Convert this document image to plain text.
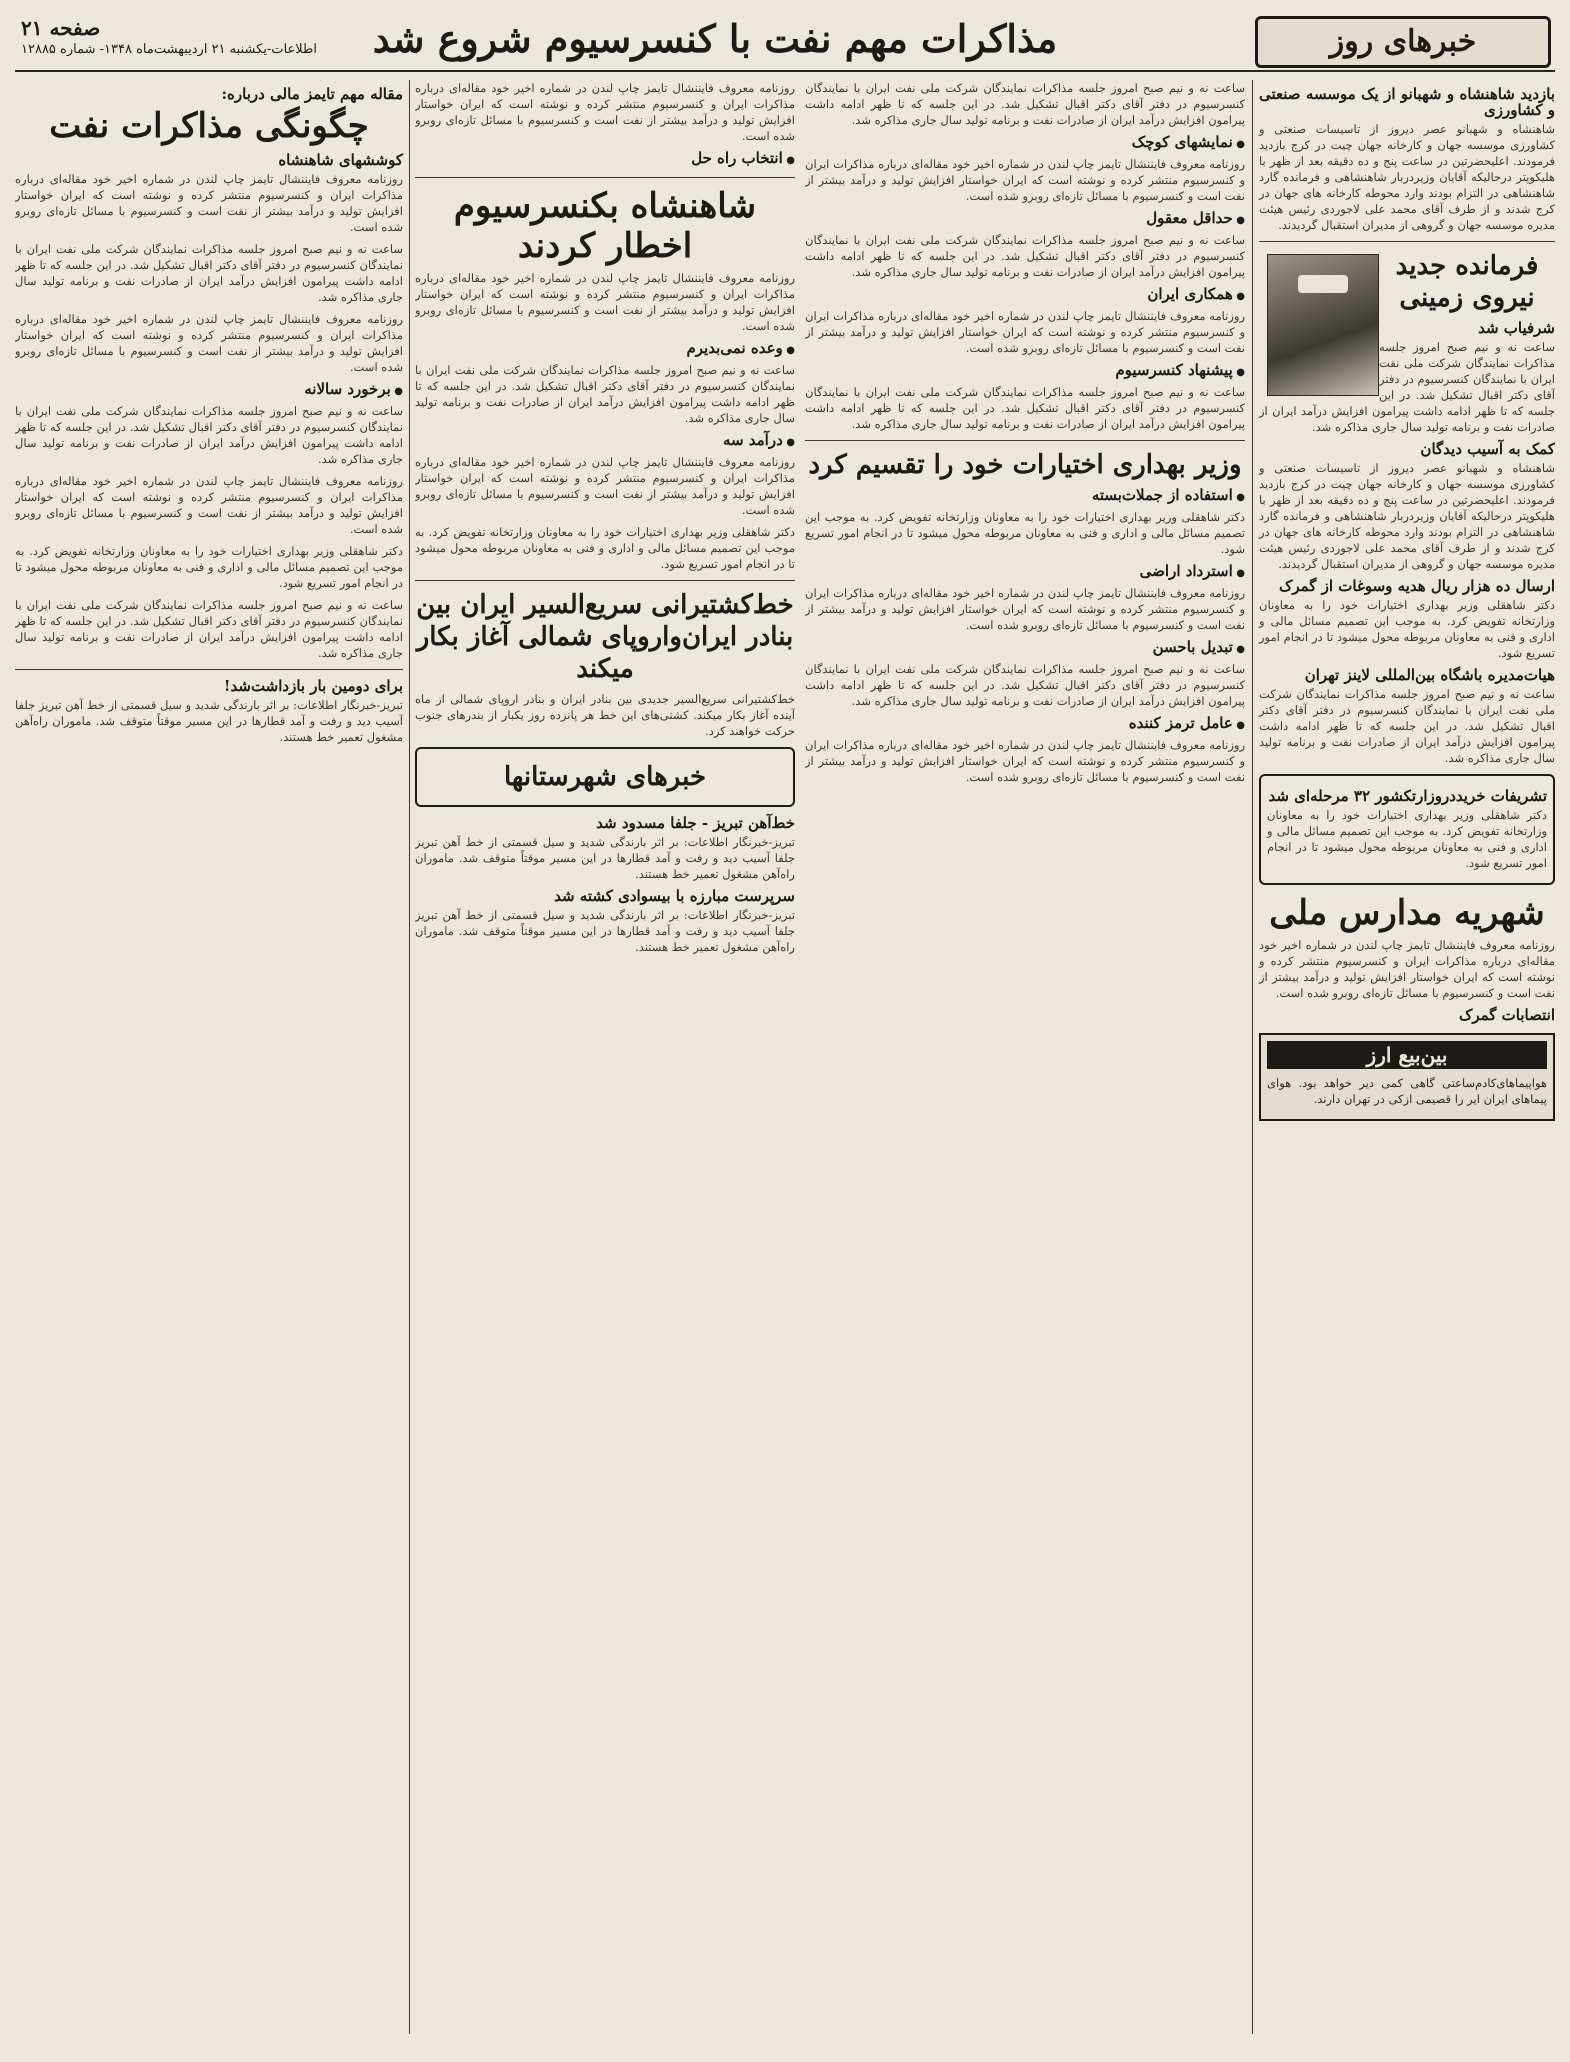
صفحه ۲۱
اطلاعات-یکشنبه ۲۱ اردیبهشت‌ماه ۱۳۴۸- شماره ۱۲۸۸۵	مذاکرات مهم نفت با کنسرسیوم شروع شد	خبرهای روز
بازدید شاهنشاه و شهبانو از یک موسسه صنعتی و کشاورزی

شاهنشاه و شهبانو عصر دیروز از تاسیسات صنعتی و کشاورزی موسسه جهان و کارخانه جهان چیت در کرج بازدید فرمودند. اعلیحضرتین در ساعت پنج و ده دقیقه بعد از ظهر با هلیکوپتر درحالیکه آقایان وزیردربار شاهنشاهی و فرمانده گارد شاهنشاهی در التزام بودند وارد محوطه کارخانه های جهان در کرج شدند و از طرف آقای محمد علی لاجوردی رئیس هیئت مدیره موسسه جهان و گروهی از مدیران استقبال گردیدند.

فرمانده جدید نیروی زمینی
شرفیاب شد

ساعت نه و نیم صبح امروز جلسه مذاکرات نمایندگان شرکت ملی نفت ایران با نمایندگان کنسرسیوم در دفتر آقای دکتر اقبال تشکیل شد. در این جلسه که تا ظهر ادامه داشت پیرامون افزایش درآمد ایران از صادرات نفت و برنامه تولید سال جاری مذاکره شد.

کمک به آسیب دیدگان

شاهنشاه و شهبانو عصر دیروز از تاسیسات صنعتی و کشاورزی موسسه جهان و کارخانه جهان چیت در کرج بازدید فرمودند. اعلیحضرتین در ساعت پنج و ده دقیقه بعد از ظهر با هلیکوپتر درحالیکه آقایان وزیردربار شاهنشاهی و فرمانده گارد شاهنشاهی در التزام بودند وارد محوطه کارخانه های جهان در کرج شدند و از طرف آقای محمد علی لاجوردی رئیس هیئت مدیره موسسه جهان و گروهی از مدیران استقبال گردیدند.

ارسال ده هزار ریال هدیه وسوغات از گمرک

دکتر شاهقلی وزیر بهداری اختیارات خود را به معاونان وزارتخانه تفویض کرد. به موجب این تصمیم مسائل مالی و اداری و فنی به معاونان مربوطه محول میشود تا در انجام امور تسریع شود.

هیات‌مدیره باشگاه بین‌المللی لاینز تهران

ساعت نه و نیم صبح امروز جلسه مذاکرات نمایندگان شرکت ملی نفت ایران با نمایندگان کنسرسیوم در دفتر آقای دکتر اقبال تشکیل شد. در این جلسه که تا ظهر ادامه داشت پیرامون افزایش درآمد ایران از صادرات نفت و برنامه تولید سال جاری مذاکره شد.

تشریفات خریددروزارتکشور ۳۲ مرحله‌ای شد

دکتر شاهقلی وزیر بهداری اختیارات خود را به معاونان وزارتخانه تفویض کرد. به موجب این تصمیم مسائل مالی و اداری و فنی به معاونان مربوطه محول میشود تا در انجام امور تسریع شود.

شهریه مدارس ملی

روزنامه معروف فایننشال تایمز چاپ لندن در شماره اخیر خود مقاله‌ای درباره مذاکرات ایران و کنسرسیوم منتشر کرده و نوشته است که ایران خواستار افزایش تولید و درآمد بیشتر از نفت است و کنسرسیوم با مسائل تازه‌ای روبرو شده است.

انتصابات گمرک
بین‌بیع ارز

هواپیماهای‌کادم‌ساعتی گاهی کمی دیر خواهد بود. هوای پیماهای ایران ایر را قصیمی ازکی در تهران دارند.

ساعت نه و نیم صبح امروز جلسه مذاکرات نمایندگان شرکت ملی نفت ایران با نمایندگان کنسرسیوم در دفتر آقای دکتر اقبال تشکیل شد. در این جلسه که تا ظهر ادامه داشت پیرامون افزایش درآمد ایران از صادرات نفت و برنامه تولید سال جاری مذاکره شد.

● نمایشهای کوچک

روزنامه معروف فایننشال تایمز چاپ لندن در شماره اخیر خود مقاله‌ای درباره مذاکرات ایران و کنسرسیوم منتشر کرده و نوشته است که ایران خواستار افزایش تولید و درآمد بیشتر از نفت است و کنسرسیوم با مسائل تازه‌ای روبرو شده است.

● حداقل معقول

ساعت نه و نیم صبح امروز جلسه مذاکرات نمایندگان شرکت ملی نفت ایران با نمایندگان کنسرسیوم در دفتر آقای دکتر اقبال تشکیل شد. در این جلسه که تا ظهر ادامه داشت پیرامون افزایش درآمد ایران از صادرات نفت و برنامه تولید سال جاری مذاکره شد.

● همکاری ایران

روزنامه معروف فایننشال تایمز چاپ لندن در شماره اخیر خود مقاله‌ای درباره مذاکرات ایران و کنسرسیوم منتشر کرده و نوشته است که ایران خواستار افزایش تولید و درآمد بیشتر از نفت است و کنسرسیوم با مسائل تازه‌ای روبرو شده است.

● پیشنهاد کنسرسیوم

ساعت نه و نیم صبح امروز جلسه مذاکرات نمایندگان شرکت ملی نفت ایران با نمایندگان کنسرسیوم در دفتر آقای دکتر اقبال تشکیل شد. در این جلسه که تا ظهر ادامه داشت پیرامون افزایش درآمد ایران از صادرات نفت و برنامه تولید سال جاری مذاکره شد.

وزیر بهداری اختیارات خود را تقسیم کرد
● استفاده از جملات‌بسته

دکتر شاهقلی وزیر بهداری اختیارات خود را به معاونان وزارتخانه تفویض کرد. به موجب این تصمیم مسائل مالی و اداری و فنی به معاونان مربوطه محول میشود تا در انجام امور تسریع شود.

● استرداد اراضی

روزنامه معروف فایننشال تایمز چاپ لندن در شماره اخیر خود مقاله‌ای درباره مذاکرات ایران و کنسرسیوم منتشر کرده و نوشته است که ایران خواستار افزایش تولید و درآمد بیشتر از نفت است و کنسرسیوم با مسائل تازه‌ای روبرو شده است.

● تبدیل باحسن

ساعت نه و نیم صبح امروز جلسه مذاکرات نمایندگان شرکت ملی نفت ایران با نمایندگان کنسرسیوم در دفتر آقای دکتر اقبال تشکیل شد. در این جلسه که تا ظهر ادامه داشت پیرامون افزایش درآمد ایران از صادرات نفت و برنامه تولید سال جاری مذاکره شد.

● عامل ترمز کننده

روزنامه معروف فایننشال تایمز چاپ لندن در شماره اخیر خود مقاله‌ای درباره مذاکرات ایران و کنسرسیوم منتشر کرده و نوشته است که ایران خواستار افزایش تولید و درآمد بیشتر از نفت است و کنسرسیوم با مسائل تازه‌ای روبرو شده است.

روزنامه معروف فایننشال تایمز چاپ لندن در شماره اخیر خود مقاله‌ای درباره مذاکرات ایران و کنسرسیوم منتشر کرده و نوشته است که ایران خواستار افزایش تولید و درآمد بیشتر از نفت است و کنسرسیوم با مسائل تازه‌ای روبرو شده است.

● انتخاب راه حل
شاهنشاه بکنسرسیوم اخطار کردند

روزنامه معروف فایننشال تایمز چاپ لندن در شماره اخیر خود مقاله‌ای درباره مذاکرات ایران و کنسرسیوم منتشر کرده و نوشته است که ایران خواستار افزایش تولید و درآمد بیشتر از نفت است و کنسرسیوم با مسائل تازه‌ای روبرو شده است.

● وعده نمی‌بدیرم

ساعت نه و نیم صبح امروز جلسه مذاکرات نمایندگان شرکت ملی نفت ایران با نمایندگان کنسرسیوم در دفتر آقای دکتر اقبال تشکیل شد. در این جلسه که تا ظهر ادامه داشت پیرامون افزایش درآمد ایران از صادرات نفت و برنامه تولید سال جاری مذاکره شد.

● درآمد سه

روزنامه معروف فایننشال تایمز چاپ لندن در شماره اخیر خود مقاله‌ای درباره مذاکرات ایران و کنسرسیوم منتشر کرده و نوشته است که ایران خواستار افزایش تولید و درآمد بیشتر از نفت است و کنسرسیوم با مسائل تازه‌ای روبرو شده است.

دکتر شاهقلی وزیر بهداری اختیارات خود را به معاونان وزارتخانه تفویض کرد. به موجب این تصمیم مسائل مالی و اداری و فنی به معاونان مربوطه محول میشود تا در انجام امور تسریع شود.

خط‌کشتیرانی سریع‌السیر ایران بین بنادر ایران‌واروپای شمالی آغاز بکار میکند

خط‌کشتیرانی سریع‌السیر جدیدی بین بنادر ایران و بنادر اروپای شمالی از ماه آینده آغاز بکار میکند. کشتی‌های این خط هر پانزده روز یکبار از بندرهای جنوب حرکت خواهند کرد.

خبرهای شهرستانها
خط‌آهن تبریز - جلفا مسدود شد

تبریز-خبرنگار اطلاعات: بر اثر بارندگی شدید و سیل قسمتی از خط آهن تبریز جلفا آسیب دید و رفت و آمد قطارها در این مسیر موقتاً متوقف شد. ماموران راه‌آهن مشغول تعمیر خط هستند.

سرپرست مبارزه با بیسوادی کشته شد

تبریز-خبرنگار اطلاعات: بر اثر بارندگی شدید و سیل قسمتی از خط آهن تبریز جلفا آسیب دید و رفت و آمد قطارها در این مسیر موقتاً متوقف شد. ماموران راه‌آهن مشغول تعمیر خط هستند.

مقاله مهم تایمز مالی درباره:
چگونگی مذاکرات نفت
کوششهای شاهنشاه

روزنامه معروف فایننشال تایمز چاپ لندن در شماره اخیر خود مقاله‌ای درباره مذاکرات ایران و کنسرسیوم منتشر کرده و نوشته است که ایران خواستار افزایش تولید و درآمد بیشتر از نفت است و کنسرسیوم با مسائل تازه‌ای روبرو شده است.

ساعت نه و نیم صبح امروز جلسه مذاکرات نمایندگان شرکت ملی نفت ایران با نمایندگان کنسرسیوم در دفتر آقای دکتر اقبال تشکیل شد. در این جلسه که تا ظهر ادامه داشت پیرامون افزایش درآمد ایران از صادرات نفت و برنامه تولید سال جاری مذاکره شد.

روزنامه معروف فایننشال تایمز چاپ لندن در شماره اخیر خود مقاله‌ای درباره مذاکرات ایران و کنسرسیوم منتشر کرده و نوشته است که ایران خواستار افزایش تولید و درآمد بیشتر از نفت است و کنسرسیوم با مسائل تازه‌ای روبرو شده است.

● برخورد سالانه

ساعت نه و نیم صبح امروز جلسه مذاکرات نمایندگان شرکت ملی نفت ایران با نمایندگان کنسرسیوم در دفتر آقای دکتر اقبال تشکیل شد. در این جلسه که تا ظهر ادامه داشت پیرامون افزایش درآمد ایران از صادرات نفت و برنامه تولید سال جاری مذاکره شد.

روزنامه معروف فایننشال تایمز چاپ لندن در شماره اخیر خود مقاله‌ای درباره مذاکرات ایران و کنسرسیوم منتشر کرده و نوشته است که ایران خواستار افزایش تولید و درآمد بیشتر از نفت است و کنسرسیوم با مسائل تازه‌ای روبرو شده است.

دکتر شاهقلی وزیر بهداری اختیارات خود را به معاونان وزارتخانه تفویض کرد. به موجب این تصمیم مسائل مالی و اداری و فنی به معاونان مربوطه محول میشود تا در انجام امور تسریع شود.

ساعت نه و نیم صبح امروز جلسه مذاکرات نمایندگان شرکت ملی نفت ایران با نمایندگان کنسرسیوم در دفتر آقای دکتر اقبال تشکیل شد. در این جلسه که تا ظهر ادامه داشت پیرامون افزایش درآمد ایران از صادرات نفت و برنامه تولید سال جاری مذاکره شد.

برای دومین بار بازداشت‌شد!

تبریز-خبرنگار اطلاعات: بر اثر بارندگی شدید و سیل قسمتی از خط آهن تبریز جلفا آسیب دید و رفت و آمد قطارها در این مسیر موقتاً متوقف شد. ماموران راه‌آهن مشغول تعمیر خط هستند.
